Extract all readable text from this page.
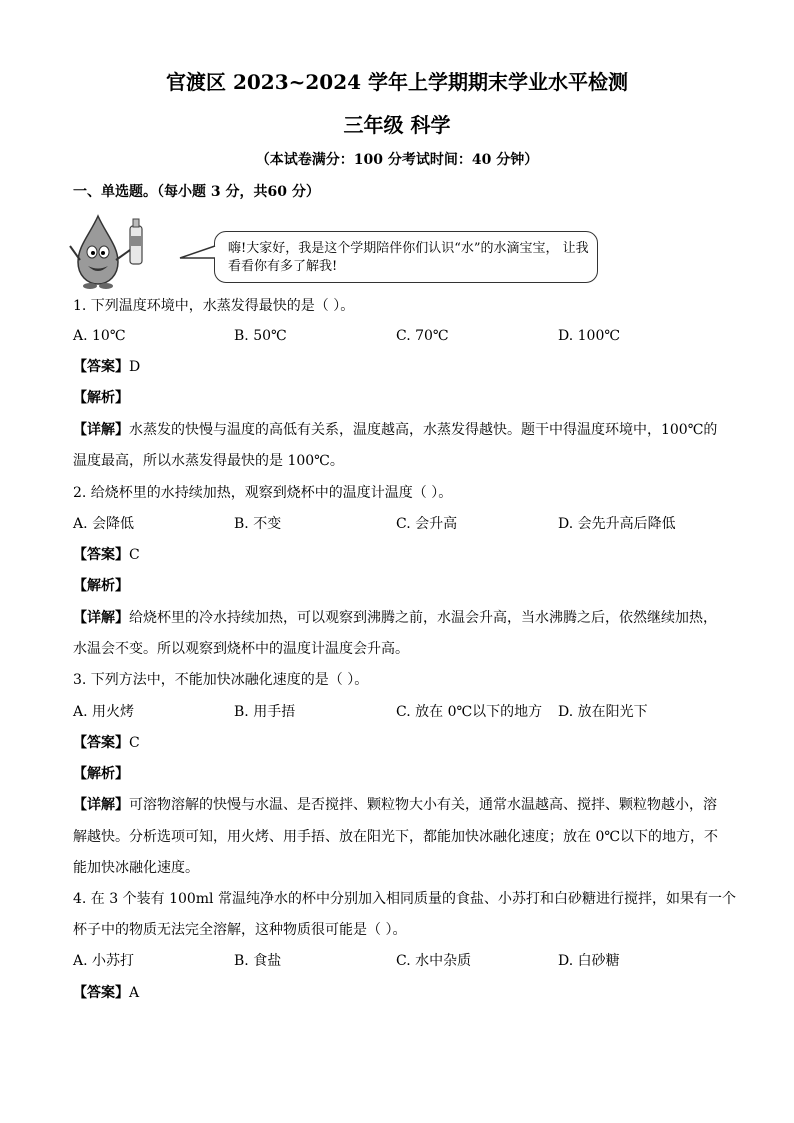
官渡区 2023~2024 学年上学期期末学业水平检测
三年级 科学
（本试卷满分：100 分考试时间：40 分钟）
一、单选题。（每小题 3 分，共60 分）
嗨!大家好，我是这个学期陪伴你们认识“水”的水滴宝宝， 让我看看你有多了解我!
1. 下列温度环境中，水蒸发得最快的是（ ）。
A. 10℃	B. 50℃	C. 70℃	D. 100℃
【答案】D
【解析】
【详解】水蒸发的快慢与温度的高低有关系，温度越高，水蒸发得越快。题干中得温度环境中，100℃的
温度最高，所以水蒸发得最快的是 100℃。
2. 给烧杯里的水持续加热，观察到烧杯中的温度计温度（ ）。
A. 会降低	B. 不变	C. 会升高	D. 会先升高后降低
【答案】C
【解析】
【详解】给烧杯里的冷水持续加热，可以观察到沸腾之前，水温会升高，当水沸腾之后，依然继续加热，
水温会不变。所以观察到烧杯中的温度计温度会升高。
3. 下列方法中，不能加快冰融化速度的是（ ）。
A. 用火烤	B. 用手捂	C. 放在 0℃以下的地方 D. 放在阳光下
【答案】C
【解析】
【详解】可溶物溶解的快慢与水温、是否搅拌、颗粒物大小有关，通常水温越高、搅拌、颗粒物越小，溶
解越快。分析选项可知，用火烤、用手捂、放在阳光下，都能加快冰融化速度；放在 0℃以下的地方，不
能加快冰融化速度。
4. 在 3 个装有 100ml 常温纯净水的杯中分别加入相同质量的食盐、小苏打和白砂糖进行搅拌，如果有一个
杯子中的物质无法完全溶解，这种物质很可能是（ ）。
A. 小苏打	B. 食盐	C. 水中杂质	D. 白砂糖
【答案】A
